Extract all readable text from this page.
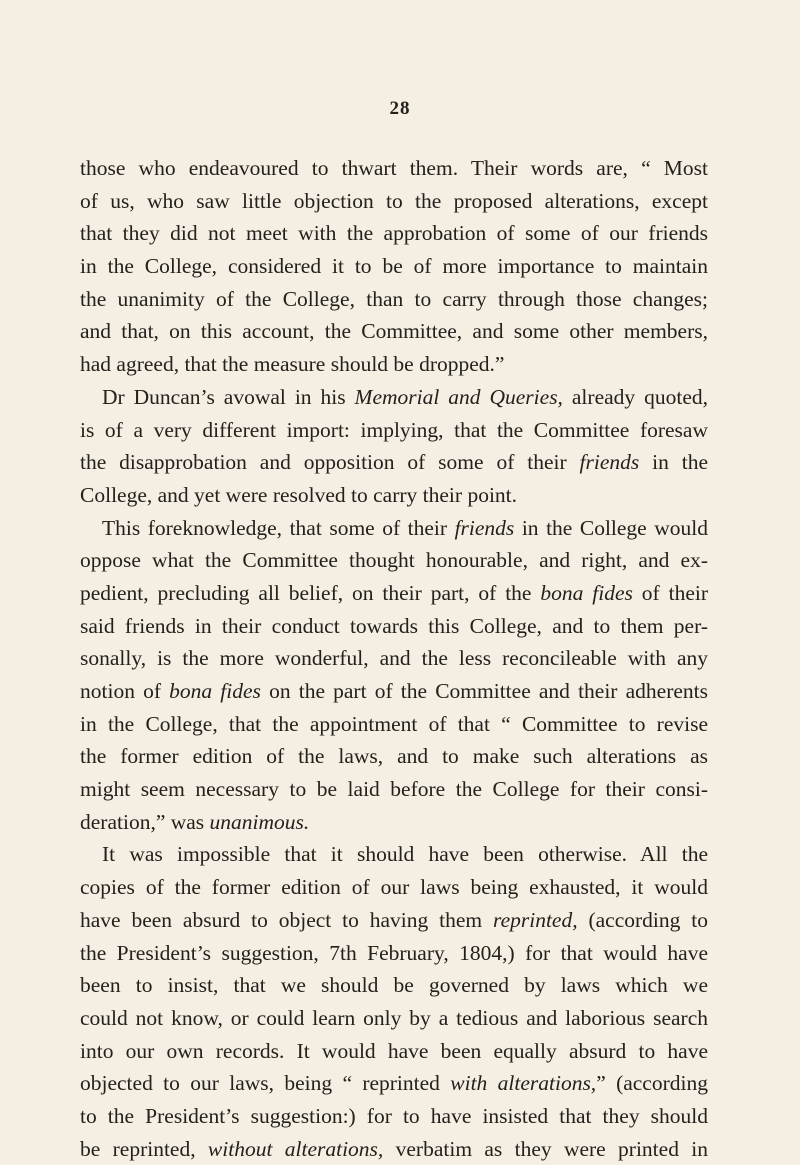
28
those who endeavoured to thwart them. Their words are, “ Most
of us, who saw little objection to the proposed alterations, except
that they did not meet with the approbation of some of our friends
in the College, considered it to be of more importance to maintain
the unanimity of the College, than to carry through those changes;
and that, on this account, the Committee, and some other members,
had agreed, that the measure should be dropped.”
Dr Duncan’s avowal in his Memorial and Queries, already quoted,
is of a very different import: implying, that the Committee foresaw
the disapprobation and opposition of some of their friends in the
College, and yet were resolved to carry their point.
This foreknowledge, that some of their friends in the College would
oppose what the Committee thought honourable, and right, and ex-
pedient, precluding all belief, on their part, of the bona fides of their
said friends in their conduct towards this College, and to them per-
sonally, is the more wonderful, and the less reconcileable with any
notion of bona fides on the part of the Committee and their adherents
in the College, that the appointment of that “ Committee to revise
the former edition of the laws, and to make such alterations as
might seem necessary to be laid before the College for their consi-
deration,” was unanimous.
It was impossible that it should have been otherwise. All the
copies of the former edition of our laws being exhausted, it would
have been absurd to object to having them reprinted, (according to
the President’s suggestion, 7th February, 1804,) for that would have
been to insist, that we should be governed by laws which we
could not know, or could learn only by a tedious and laborious search
into our own records. It would have been equally absurd to have
objected to our laws, being “ reprinted with alterations,” (according
to the President’s suggestion:) for to have insisted that they should
be reprinted, without alterations, verbatim as they were printed in
